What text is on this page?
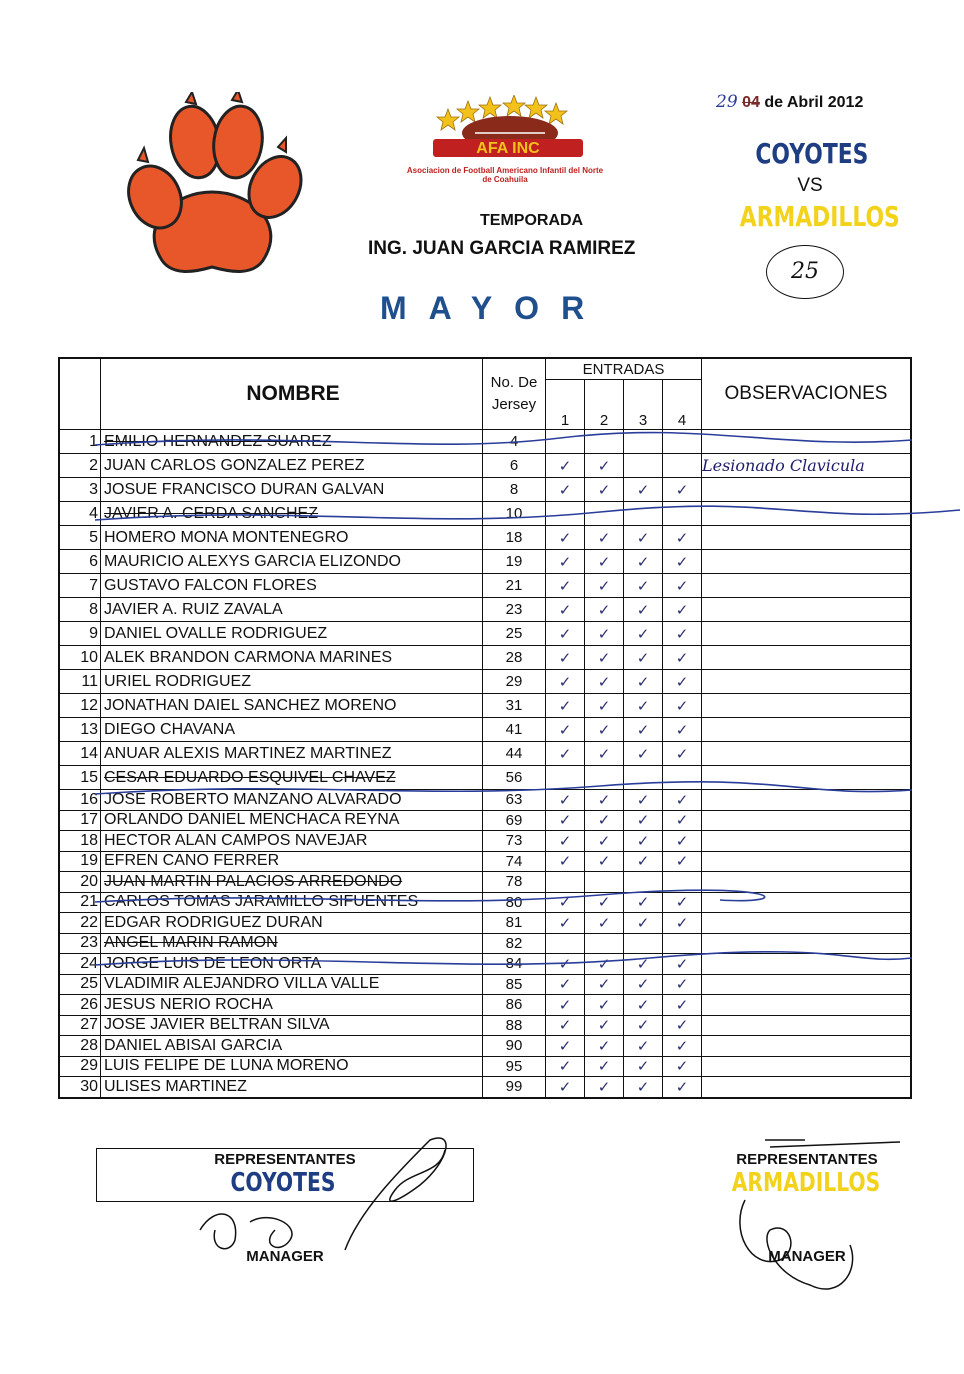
AFA INC
Asociacion de Football Americano Infantil del Norte de Coahuila
29 04 de Abril 2012
TEMPORADA
ING. JUAN GARCIA RAMIREZ
MAYOR
COYOTES
VS
ARMADILLOS
25
	NOMBRE	No. De
Jersey	ENTRADAS				OBSERVACIONES
			1	2	3	4	
1	EMILIO HERNANDEZ SUAREZ	4					
2	JUAN CARLOS GONZALEZ PEREZ	6	✓	✓			Lesionado Clavicula
3	JOSUE FRANCISCO DURAN GALVAN	8	✓	✓	✓	✓	
4	JAVIER A. CERDA SANCHEZ	10					
5	HOMERO MONA MONTENEGRO	18	✓	✓	✓	✓	
6	MAURICIO ALEXYS GARCIA ELIZONDO	19	✓	✓	✓	✓	
7	GUSTAVO FALCON FLORES	21	✓	✓	✓	✓	
8	JAVIER A. RUIZ ZAVALA	23	✓	✓	✓	✓	
9	DANIEL OVALLE RODRIGUEZ	25	✓	✓	✓	✓	
10	ALEK BRANDON CARMONA MARINES	28	✓	✓	✓	✓	
11	URIEL RODRIGUEZ	29	✓	✓	✓	✓	
12	JONATHAN DAIEL SANCHEZ MORENO	31	✓	✓	✓	✓	
13	DIEGO CHAVANA	41	✓	✓	✓	✓	
14	ANUAR ALEXIS MARTINEZ MARTINEZ	44	✓	✓	✓	✓	
15	CESAR EDUARDO ESQUIVEL CHAVEZ	56					
16	JOSE ROBERTO MANZANO ALVARADO	63	✓	✓	✓	✓	
17	ORLANDO DANIEL MENCHACA REYNA	69	✓	✓	✓	✓	
18	HECTOR ALAN CAMPOS NAVEJAR	73	✓	✓	✓	✓	
19	EFREN CANO FERRER	74	✓	✓	✓	✓	
20	JUAN MARTIN PALACIOS ARREDONDO	78					
21	CARLOS TOMAS JARAMILLO SIFUENTES	80	✓	✓	✓	✓	
22	EDGAR RODRIGUEZ DURAN	81	✓	✓	✓	✓	
23	ANGEL MARIN RAMON	82					
24	JORGE LUIS DE LEON ORTA	84	✓	✓	✓	✓	
25	VLADIMIR ALEJANDRO VILLA VALLE	85	✓	✓	✓	✓	
26	JESUS NERIO ROCHA	86	✓	✓	✓	✓	
27	JOSE JAVIER BELTRAN SILVA	88	✓	✓	✓	✓	
28	DANIEL ABISAI GARCIA	90	✓	✓	✓	✓	
29	LUIS FELIPE DE LUNA MORENO	95	✓	✓	✓	✓	
30	ULISES MARTINEZ	99	✓	✓	✓	✓	
REPRESENTANTES
COYOTES
MANAGER
REPRESENTANTES
ARMADILLOS
MANAGER
